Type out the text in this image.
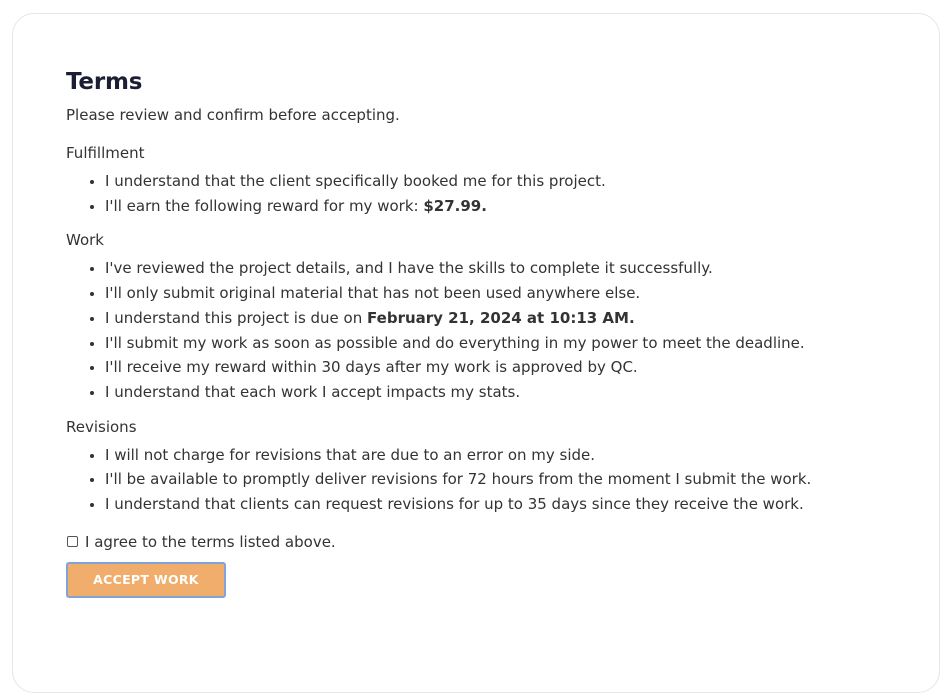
Terms
Please review and confirm before accepting.
Fulfillment
• I understand that the client specifically booked me for this project.
• I'll earn the following reward for my work: $27.99.
Work
• I've reviewed the project details, and I have the skills to complete it successfully.
• I'll only submit original material that has not been used anywhere else.
• I understand this project is due on February 21, 2024 at 10:13 AM.
• I'll submit my work as soon as possible and do everything in my power to meet the deadline.
• I'll receive my reward within 30 days after my work is approved by QC.
• I understand that each work I accept impacts my stats.
Revisions
• I will not charge for revisions that are due to an error on my side.
• I'll be available to promptly deliver revisions for 72 hours from the moment I submit the work.
• I understand that clients can request revisions for up to 35 days since they receive the work.
I agree to the terms listed above.
ACCEPT WORK
